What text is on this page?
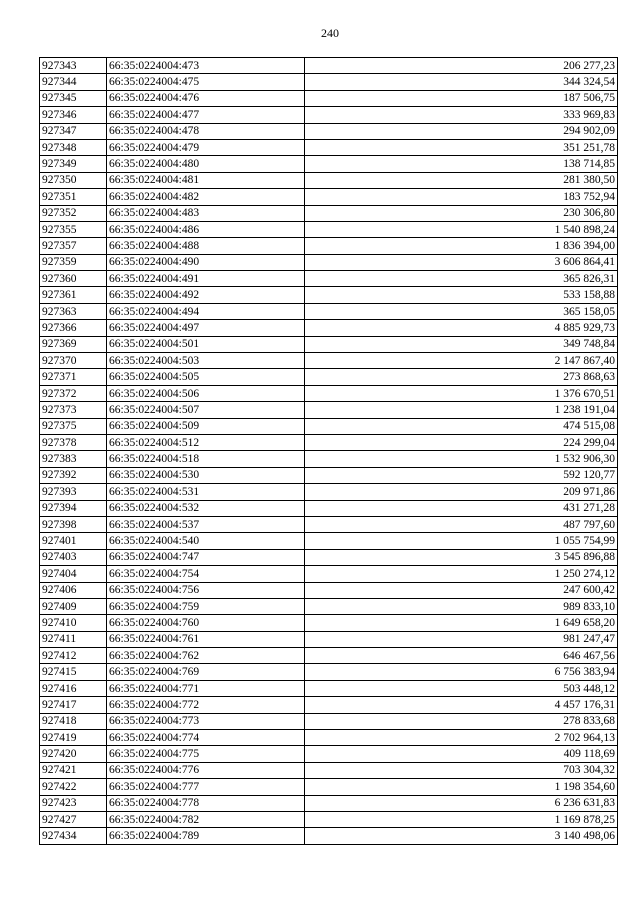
240
927343	66:35:0224004:473	206 277,23
927344	66:35:0224004:475	344 324,54
927345	66:35:0224004:476	187 506,75
927346	66:35:0224004:477	333 969,83
927347	66:35:0224004:478	294 902,09
927348	66:35:0224004:479	351 251,78
927349	66:35:0224004:480	138 714,85
927350	66:35:0224004:481	281 380,50
927351	66:35:0224004:482	183 752,94
927352	66:35:0224004:483	230 306,80
927355	66:35:0224004:486	1 540 898,24
927357	66:35:0224004:488	1 836 394,00
927359	66:35:0224004:490	3 606 864,41
927360	66:35:0224004:491	365 826,31
927361	66:35:0224004:492	533 158,88
927363	66:35:0224004:494	365 158,05
927366	66:35:0224004:497	4 885 929,73
927369	66:35:0224004:501	349 748,84
927370	66:35:0224004:503	2 147 867,40
927371	66:35:0224004:505	273 868,63
927372	66:35:0224004:506	1 376 670,51
927373	66:35:0224004:507	1 238 191,04
927375	66:35:0224004:509	474 515,08
927378	66:35:0224004:512	224 299,04
927383	66:35:0224004:518	1 532 906,30
927392	66:35:0224004:530	592 120,77
927393	66:35:0224004:531	209 971,86
927394	66:35:0224004:532	431 271,28
927398	66:35:0224004:537	487 797,60
927401	66:35:0224004:540	1 055 754,99
927403	66:35:0224004:747	3 545 896,88
927404	66:35:0224004:754	1 250 274,12
927406	66:35:0224004:756	247 600,42
927409	66:35:0224004:759	989 833,10
927410	66:35:0224004:760	1 649 658,20
927411	66:35:0224004:761	981 247,47
927412	66:35:0224004:762	646 467,56
927415	66:35:0224004:769	6 756 383,94
927416	66:35:0224004:771	503 448,12
927417	66:35:0224004:772	4 457 176,31
927418	66:35:0224004:773	278 833,68
927419	66:35:0224004:774	2 702 964,13
927420	66:35:0224004:775	409 118,69
927421	66:35:0224004:776	703 304,32
927422	66:35:0224004:777	1 198 354,60
927423	66:35:0224004:778	6 236 631,83
927427	66:35:0224004:782	1 169 878,25
927434	66:35:0224004:789	3 140 498,06
